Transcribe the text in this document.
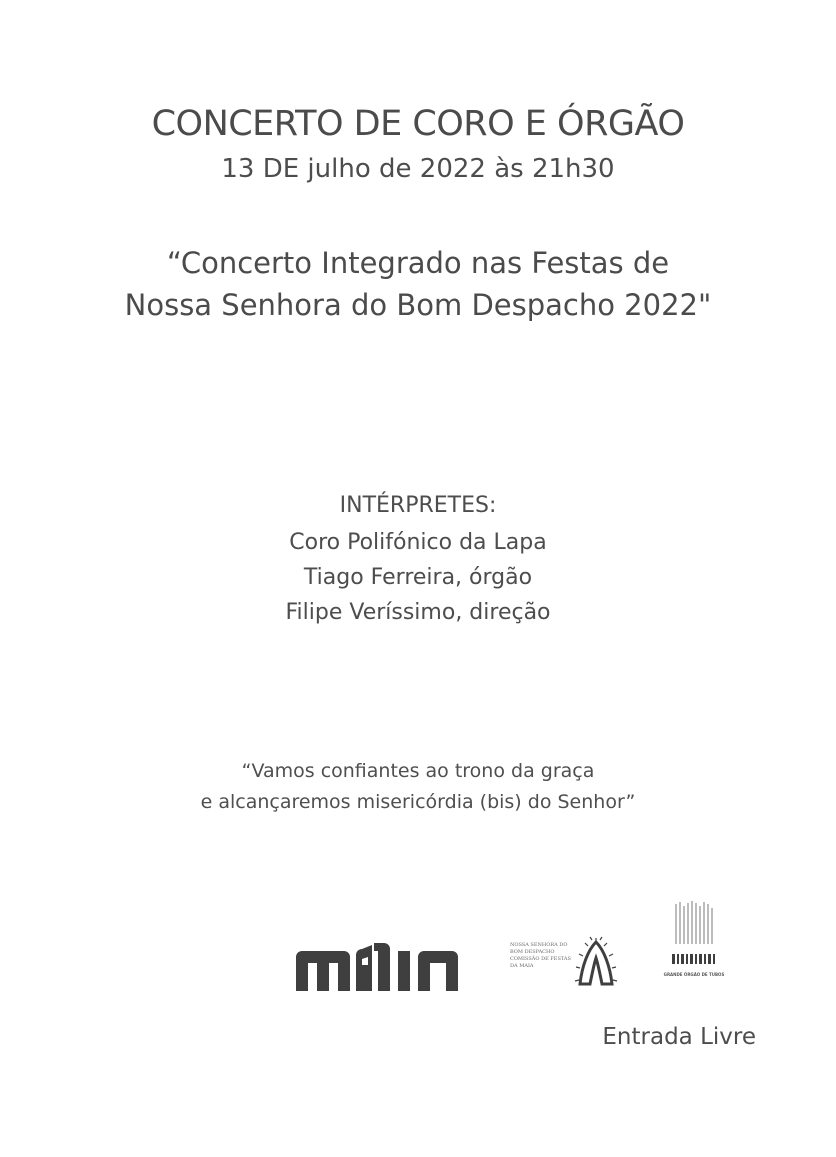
CONCERTO DE CORO E ÓRGÃO
13 DE julho de 2022 às 21h30
“Concerto Integrado nas Festas de
Nossa Senhora do Bom Despacho 2022"
INTÉRPRETES:
Coro Polifónico da Lapa
Tiago Ferreira, órgão
Filipe Veríssimo, direção
“Vamos confiantes ao trono da graça
e alcançaremos misericórdia (bis) do Senhor”
NOSSA SENHORA DO BOM DESPACHO COMISSÃO DE FESTAS DA MAIA
GRANDE ÓRGÃO DE TUBOS
Entrada Livre
